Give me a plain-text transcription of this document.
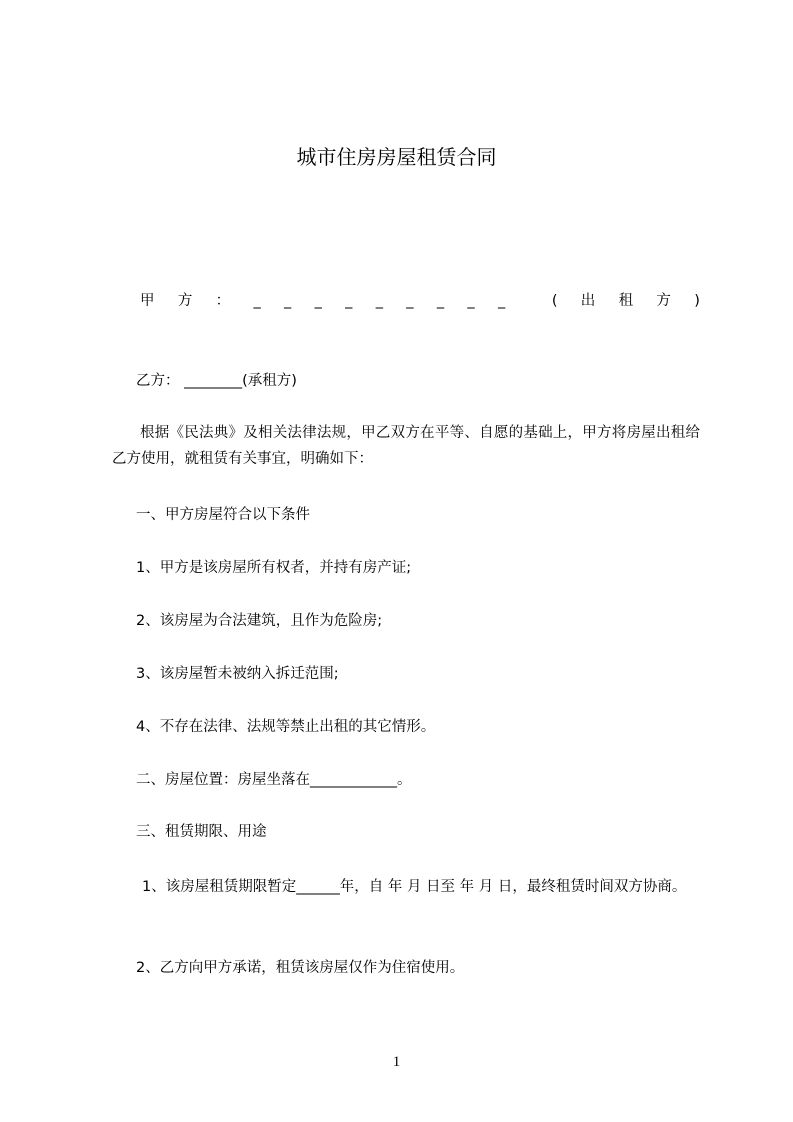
城市住房房屋租赁合同
甲 方 ： _ _ _ _ _ _ _ _ _	( 出 租 方 )
乙方： ________(承租方)
根据《民法典》及相关法律法规，甲乙双方在平等、自愿的基础上，甲方将房屋出租给乙方使用，就租赁有关事宜，明确如下：
一、甲方房屋符合以下条件
1、甲方是该房屋所有权者，并持有房产证;
2、该房屋为合法建筑，且作为危险房;
3、该房屋暂未被纳入拆迁范围;
4、不存在法律、法规等禁止出租的其它情形。
二、房屋位置：房屋坐落在____________。
三、租赁期限、用途
1、该房屋租赁期限暂定______年，自 年 月 日至 年 月 日，最终租赁时间双方协商。
2、乙方向甲方承诺，租赁该房屋仅作为住宿使用。
1
